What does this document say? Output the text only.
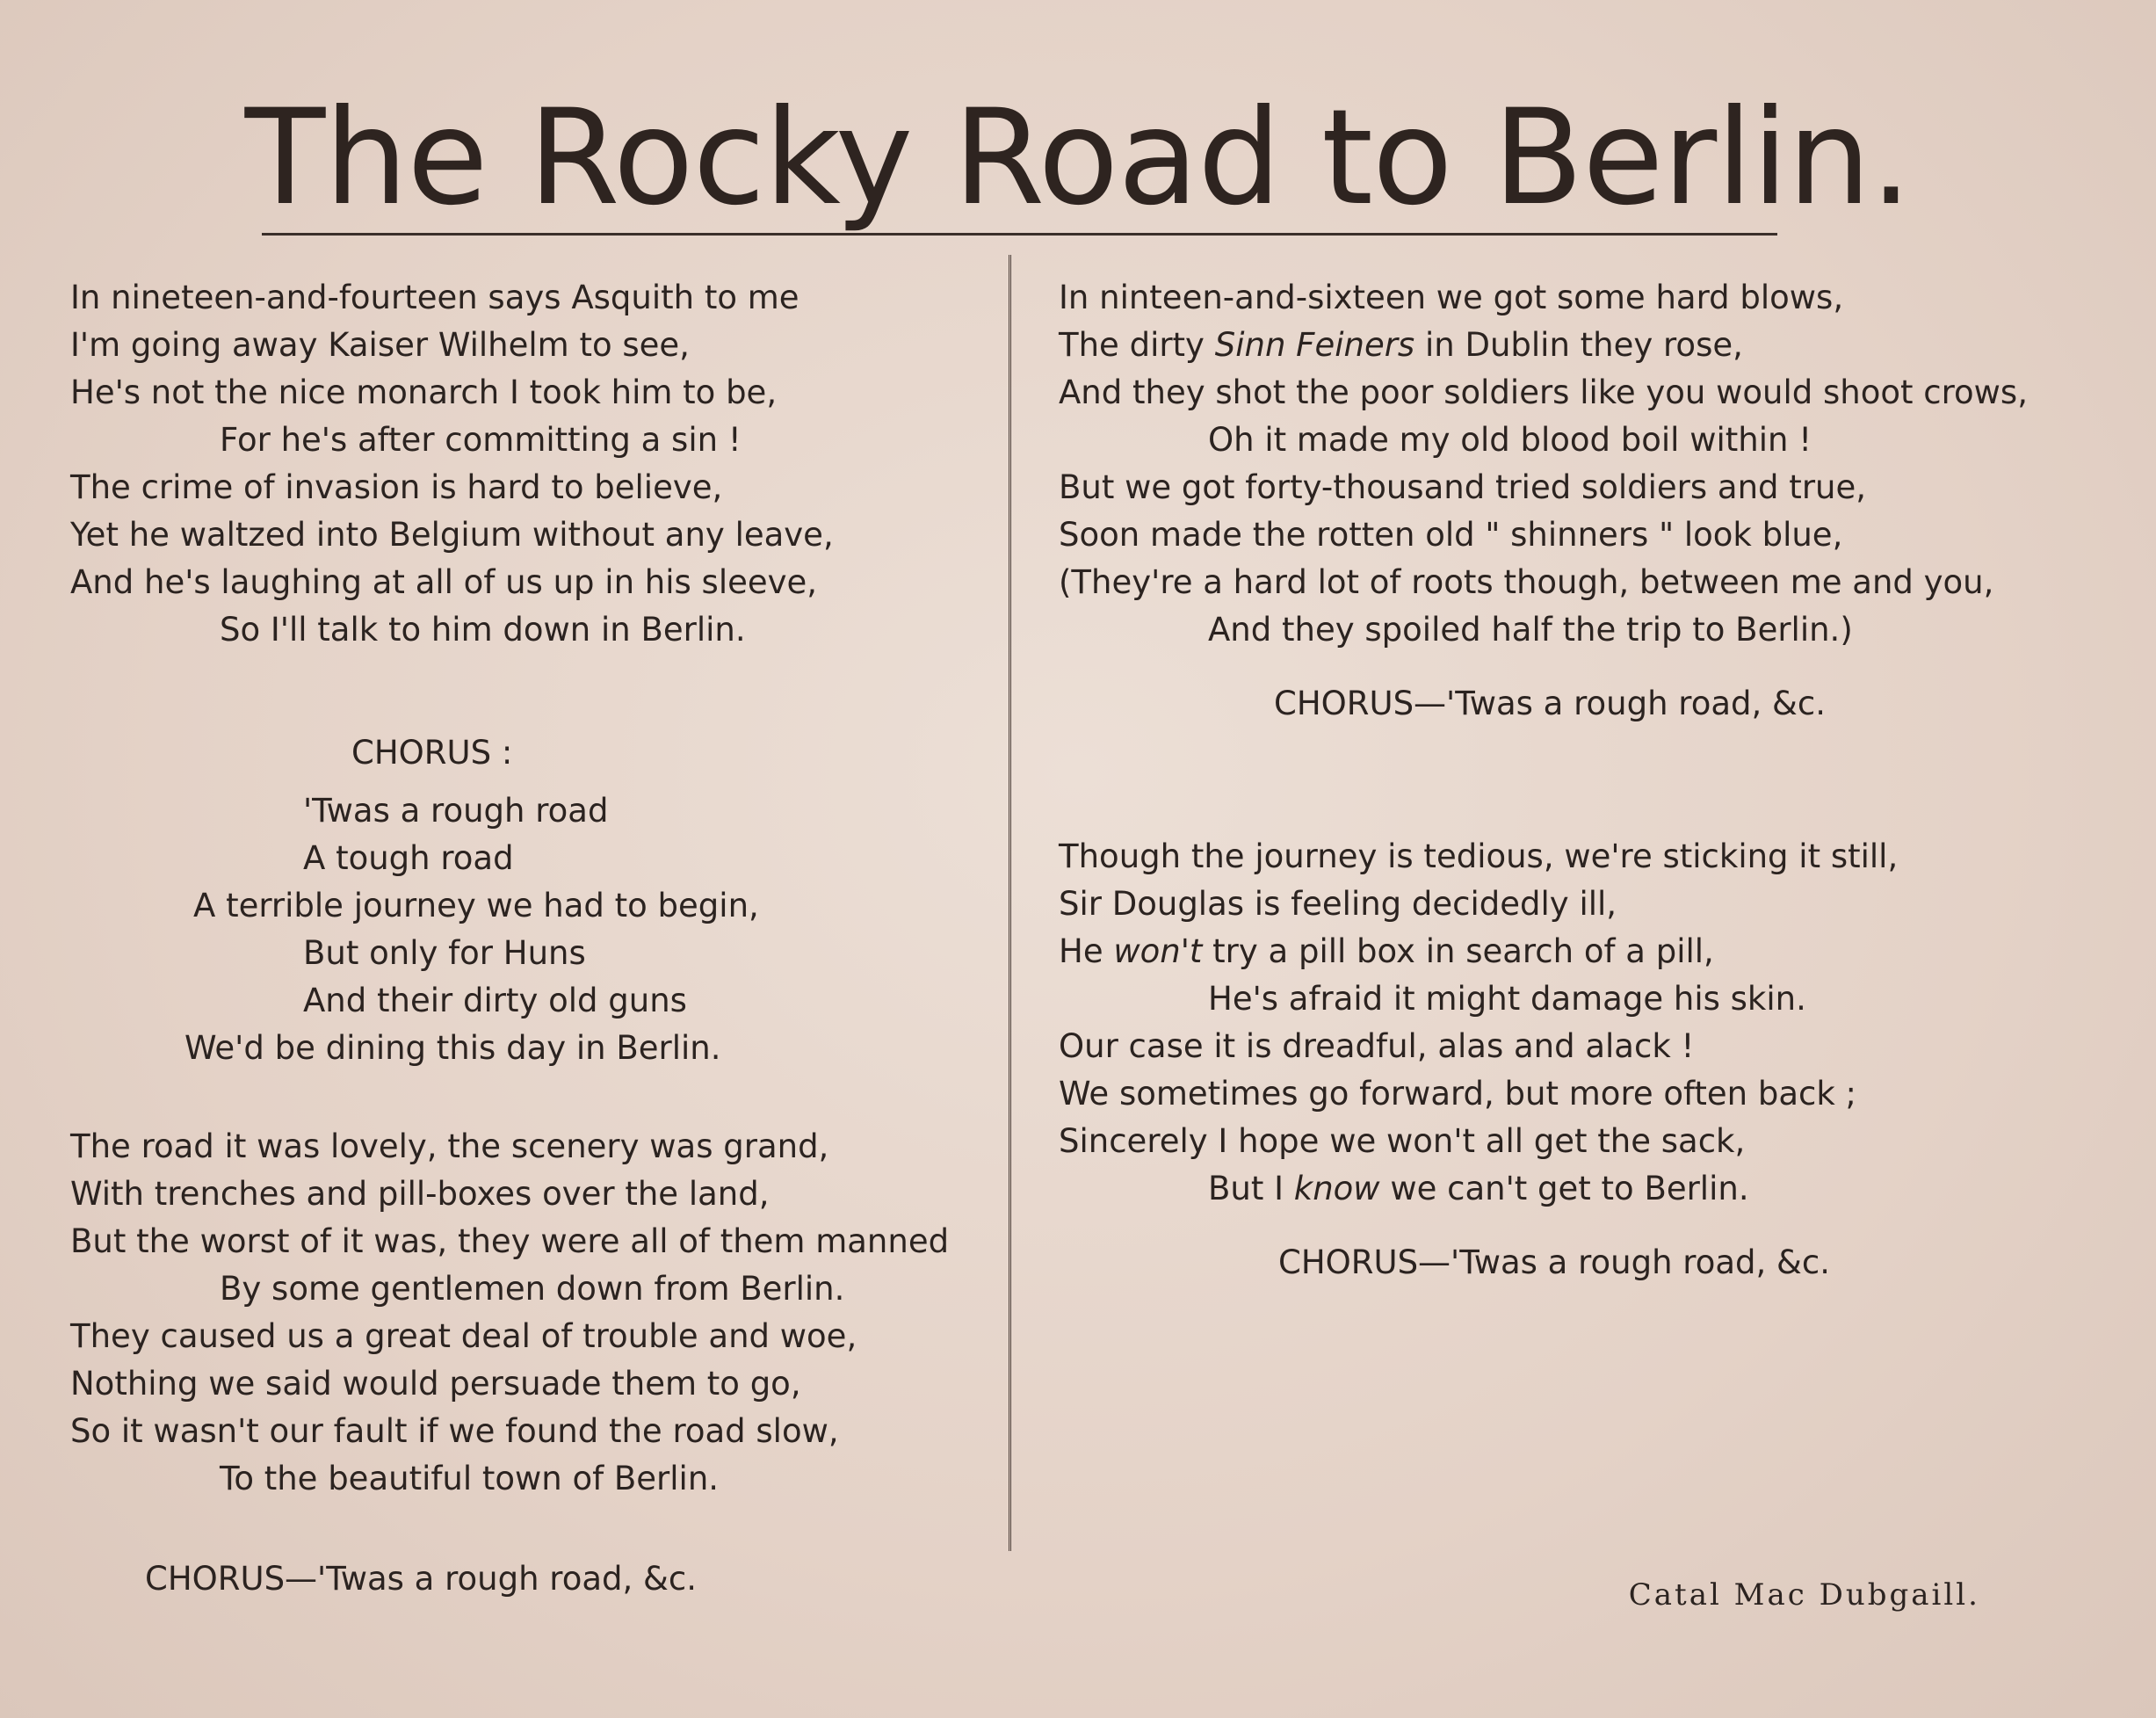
The Rocky Road to Berlin.
In nineteen-and-fourteen says Asquith to me
I'm going away Kaiser Wilhelm to see,
He's not the nice monarch I took him to be,
For he's after committing a sin !
The crime of invasion is hard to believe,
Yet he waltzed into Belgium without any leave,
And he's laughing at all of us up in his sleeve,
So I'll talk to him down in Berlin.
CHORUS :
'Twas a rough road
A tough road
A terrible journey we had to begin,
But only for Huns
And their dirty old guns
We'd be dining this day in Berlin.
The road it was lovely, the scenery was grand,
With trenches and pill-boxes over the land,
But the worst of it was, they were all of them manned
By some gentlemen down from Berlin.
They caused us a great deal of trouble and woe,
Nothing we said would persuade them to go,
So it wasn't our fault if we found the road slow,
To the beautiful town of Berlin.
CHORUS—'Twas a rough road, &c.
In ninteen-and-sixteen we got some hard blows,
The dirty Sinn Feiners in Dublin they rose,
And they shot the poor soldiers like you would shoot crows,
Oh it made my old blood boil within !
But we got forty-thousand tried soldiers and true,
Soon made the rotten old " shinners " look blue,
(They're a hard lot of roots though, between me and you,
And they spoiled half the trip to Berlin.)
CHORUS—'Twas a rough road, &c.
Though the journey is tedious, we're sticking it still,
Sir Douglas is feeling decidedly ill,
He won't try a pill box in search of a pill,
He's afraid it might damage his skin.
Our case it is dreadful, alas and alack !
We sometimes go forward, but more often back ;
Sincerely I hope we won't all get the sack,
But I know we can't get to Berlin.
CHORUS—'Twas a rough road, &c.
Catal Mac Dubgaill.
